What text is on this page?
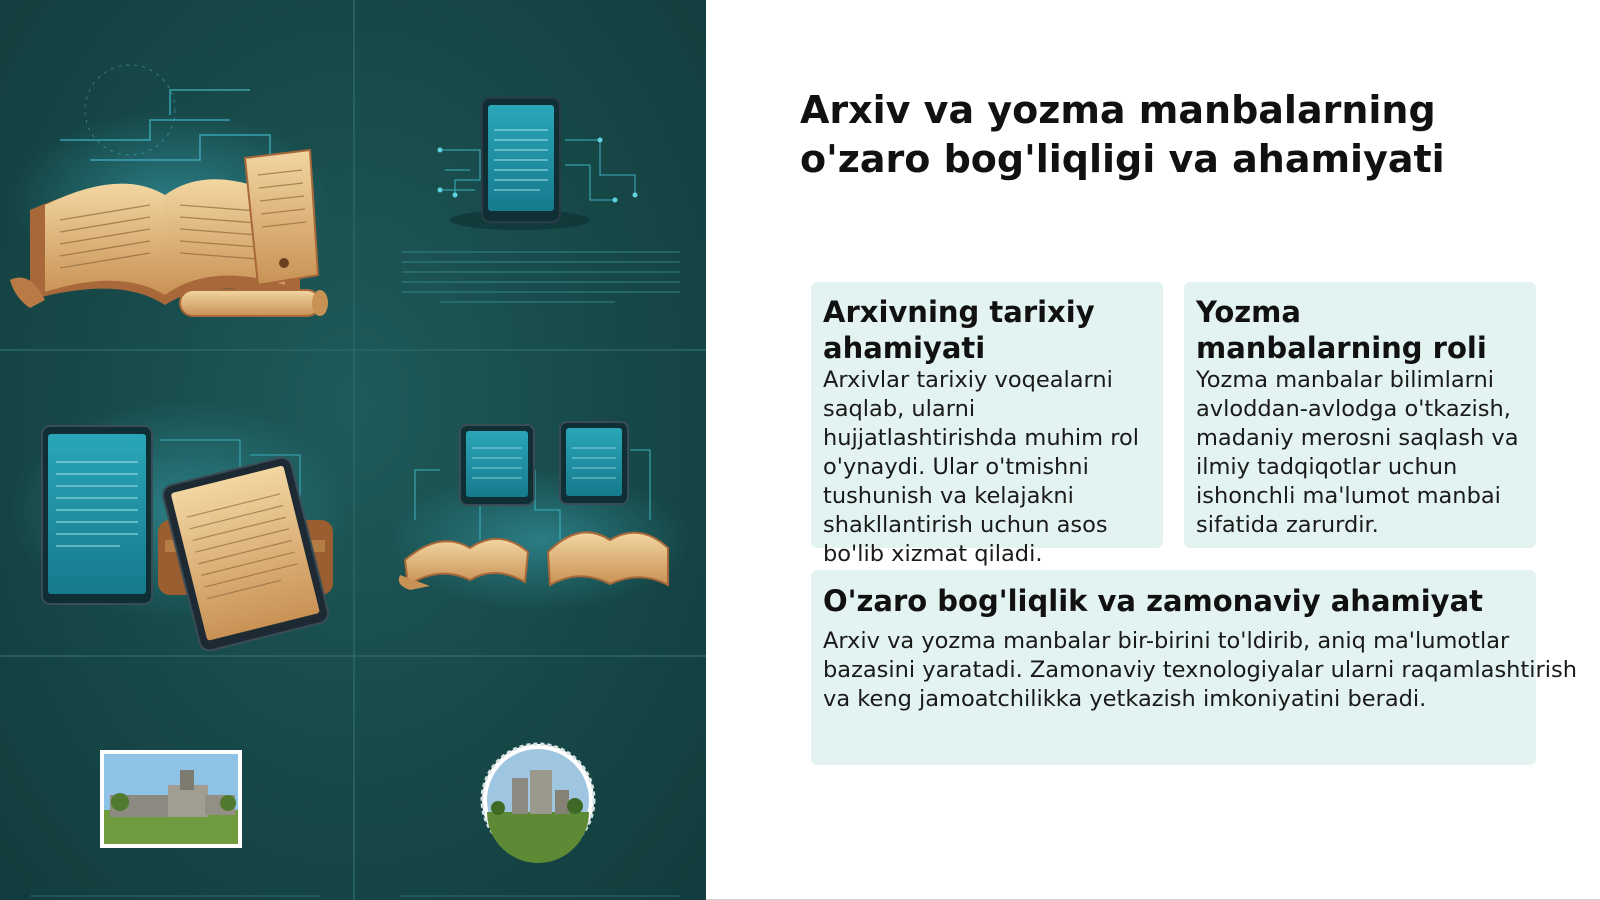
Arxiv va yozma manbalarning o'zaro bog'liqligi va ahamiyati
Arxivning tarixiy ahamiyati

Arxivlar tarixiy voqealarni saqlab, ularni hujjatlashtirishda muhim rol o'ynaydi. Ular o'tmishni tushunish va kelajakni shakllantirish uchun asos bo'lib xizmat qiladi.

Yozma manbalarning roli

Yozma manbalar bilimlarni avloddan-avlodga o'tkazish, madaniy merosni saqlash va ilmiy tadqiqotlar uchun ishonchli ma'lumot manbai sifatida zarurdir.

O'zaro bog'liqlik va zamonaviy ahamiyat

Arxiv va yozma manbalar bir-birini to'ldirib, aniq ma'lumotlar bazasini yaratadi. Zamonaviy texnologiyalar ularni raqamlashtirish va keng jamoatchilikka yetkazish imkoniyatini beradi.
